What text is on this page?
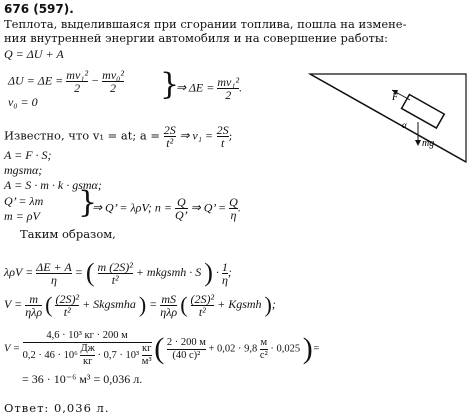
676 (597).
Теплота, выделившаяся при сгорании топлива, пошла на измене-
ния внутренней энергии автомобиля и на совершение работы:
Q = ΔU + A
$\Delta U = \Delta E = \frac{\text{mv₁²}}{2} - \frac{\text{mv₀²}}{2}$
v₀ = 0	}
⇒ $\Delta E = \frac{\text{mv₁²}}{2}$ .
Известно, что v₁ = at; $a = \frac{2S}{\text{t²}}$ ⇒ $v_1 = \frac{2S}{t}$ ;
A = F · S;
mgsmα;
A = S · m · k · gsmα;
Q’ = λm
m = ρV }
⇒ Q’ = λρV; $n = \frac{Q}{Q’}$ ⇒ Q’ = $\frac{Q}{\eta}$ .
Таким образом,
$\lambda\rho V = \frac{\Delta E + A}{\eta}$ = ( $\frac{\text{m (2S)²}}{\text{t²}}$ + mkgsmh · S ) · $\frac{1}{\eta}$ ;
$V = \frac{m}{\text{ηλρ}}$ ( $\frac{\text{(2S)²}}{\text{t²}}$ + Skgsmha ) = $\frac{mS}{\text{ηλρ}}$ ( $\frac{\text{(2S)²}}{\text{t²}}$ + Kgsmh );
$V = \frac{\text{4,6 · 10³ кг · 200 м}}{0,2 \cdot 46 \cdot 10^6 \frac{Дж}{кг} \cdot 0,7 \cdot 10^3 \frac{кг}{\text{м³}}}$ ( $\frac{2 \cdot 200 м}{\text{(40 с)²}} + 0,02 \cdot 9,8 \frac{м}{\text{с²}} \cdot 0,025$ )=
= 36 · 10⁻⁶ м³ = 0,036 л.
Ответ: 0,036 л.
F
α
mg
